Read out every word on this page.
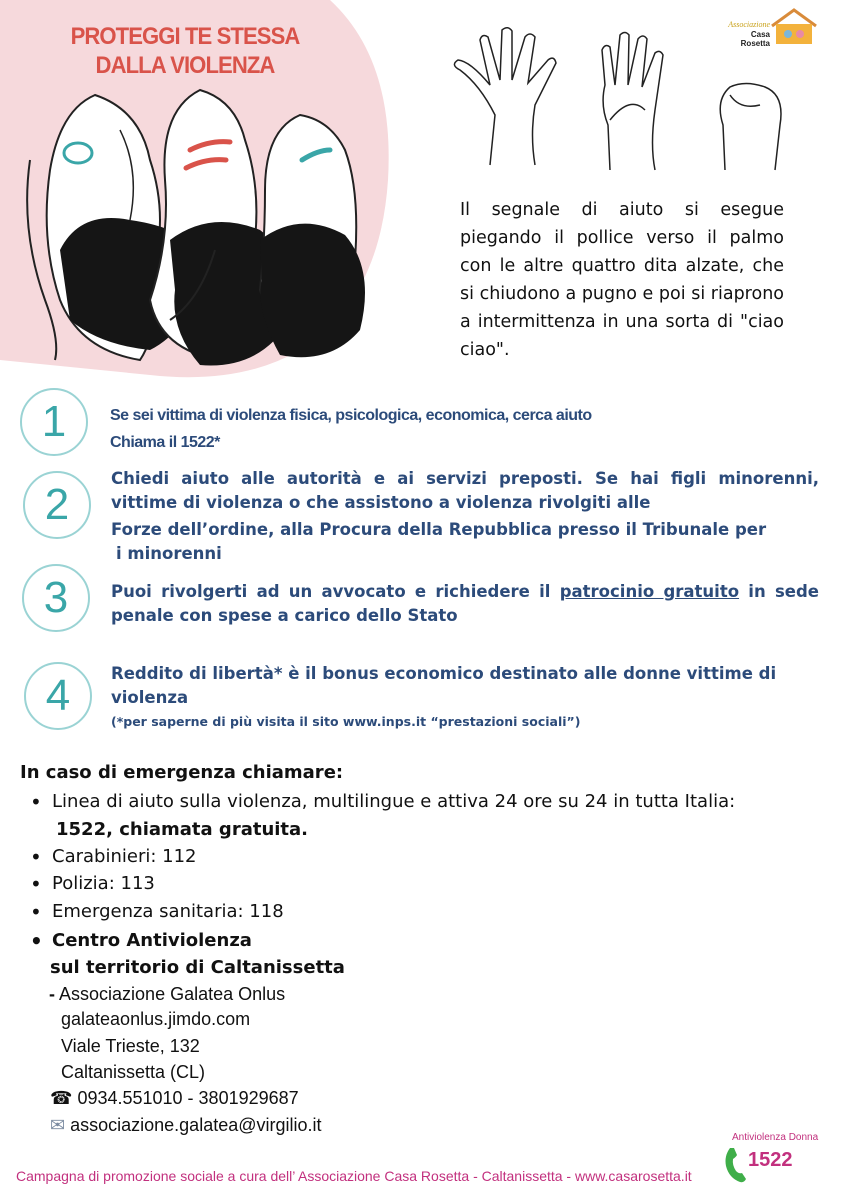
PROTEGGI TE STESSA
DALLA VIOLENZA
Associazione
Casa Rosetta
Il segnale di aiuto si esegue piegando il pollice verso il palmo con le altre quattro dita alzate, che si chiudono a pugno e poi si riaprono a intermittenza in una sorta di "ciao ciao".
1	Se sei vittima di violenza fisica, psicologica, economica, cerca aiuto
Chiama il 1522*
2
Chiedi aiuto alle autorità e ai servizi preposti. Se hai figli minorenni, vittime di violenza o che assistono a violenza rivolgiti alle
Forze dell’ordine, alla Procura della Repubblica presso il Tribunale per
i minorenni
3	Puoi rivolgerti ad un avvocato e richiedere il patrocinio gratuito in sede penale con spese a carico dello Stato
4	Reddito di libertà* è il bonus economico destinato alle donne vittime di violenza
(*per saperne di più visita il sito www.inps.it “prestazioni sociali”)
In caso di emergenza chiamare:
• Linea di aiuto sulla violenza, multilingue e attiva 24 ore su 24 in tutta Italia:
1522, chiamata gratuita.
• Carabinieri: 112
• Polizia: 113
• Emergenza sanitaria: 118
• Centro Antiviolenza
sul territorio di Caltanissetta
- Associazione Galatea Onlus
galateaonlus.jimdo.com
Viale Trieste, 132
Caltanissetta (CL)
☎ 0934.551010 - 3801929687
✉ associazione.galatea@virgilio.it
Antiviolenza Donna
1522
Campagna di promozione sociale a cura dell’ Associazione Casa Rosetta - Caltanissetta - www.casarosetta.it
